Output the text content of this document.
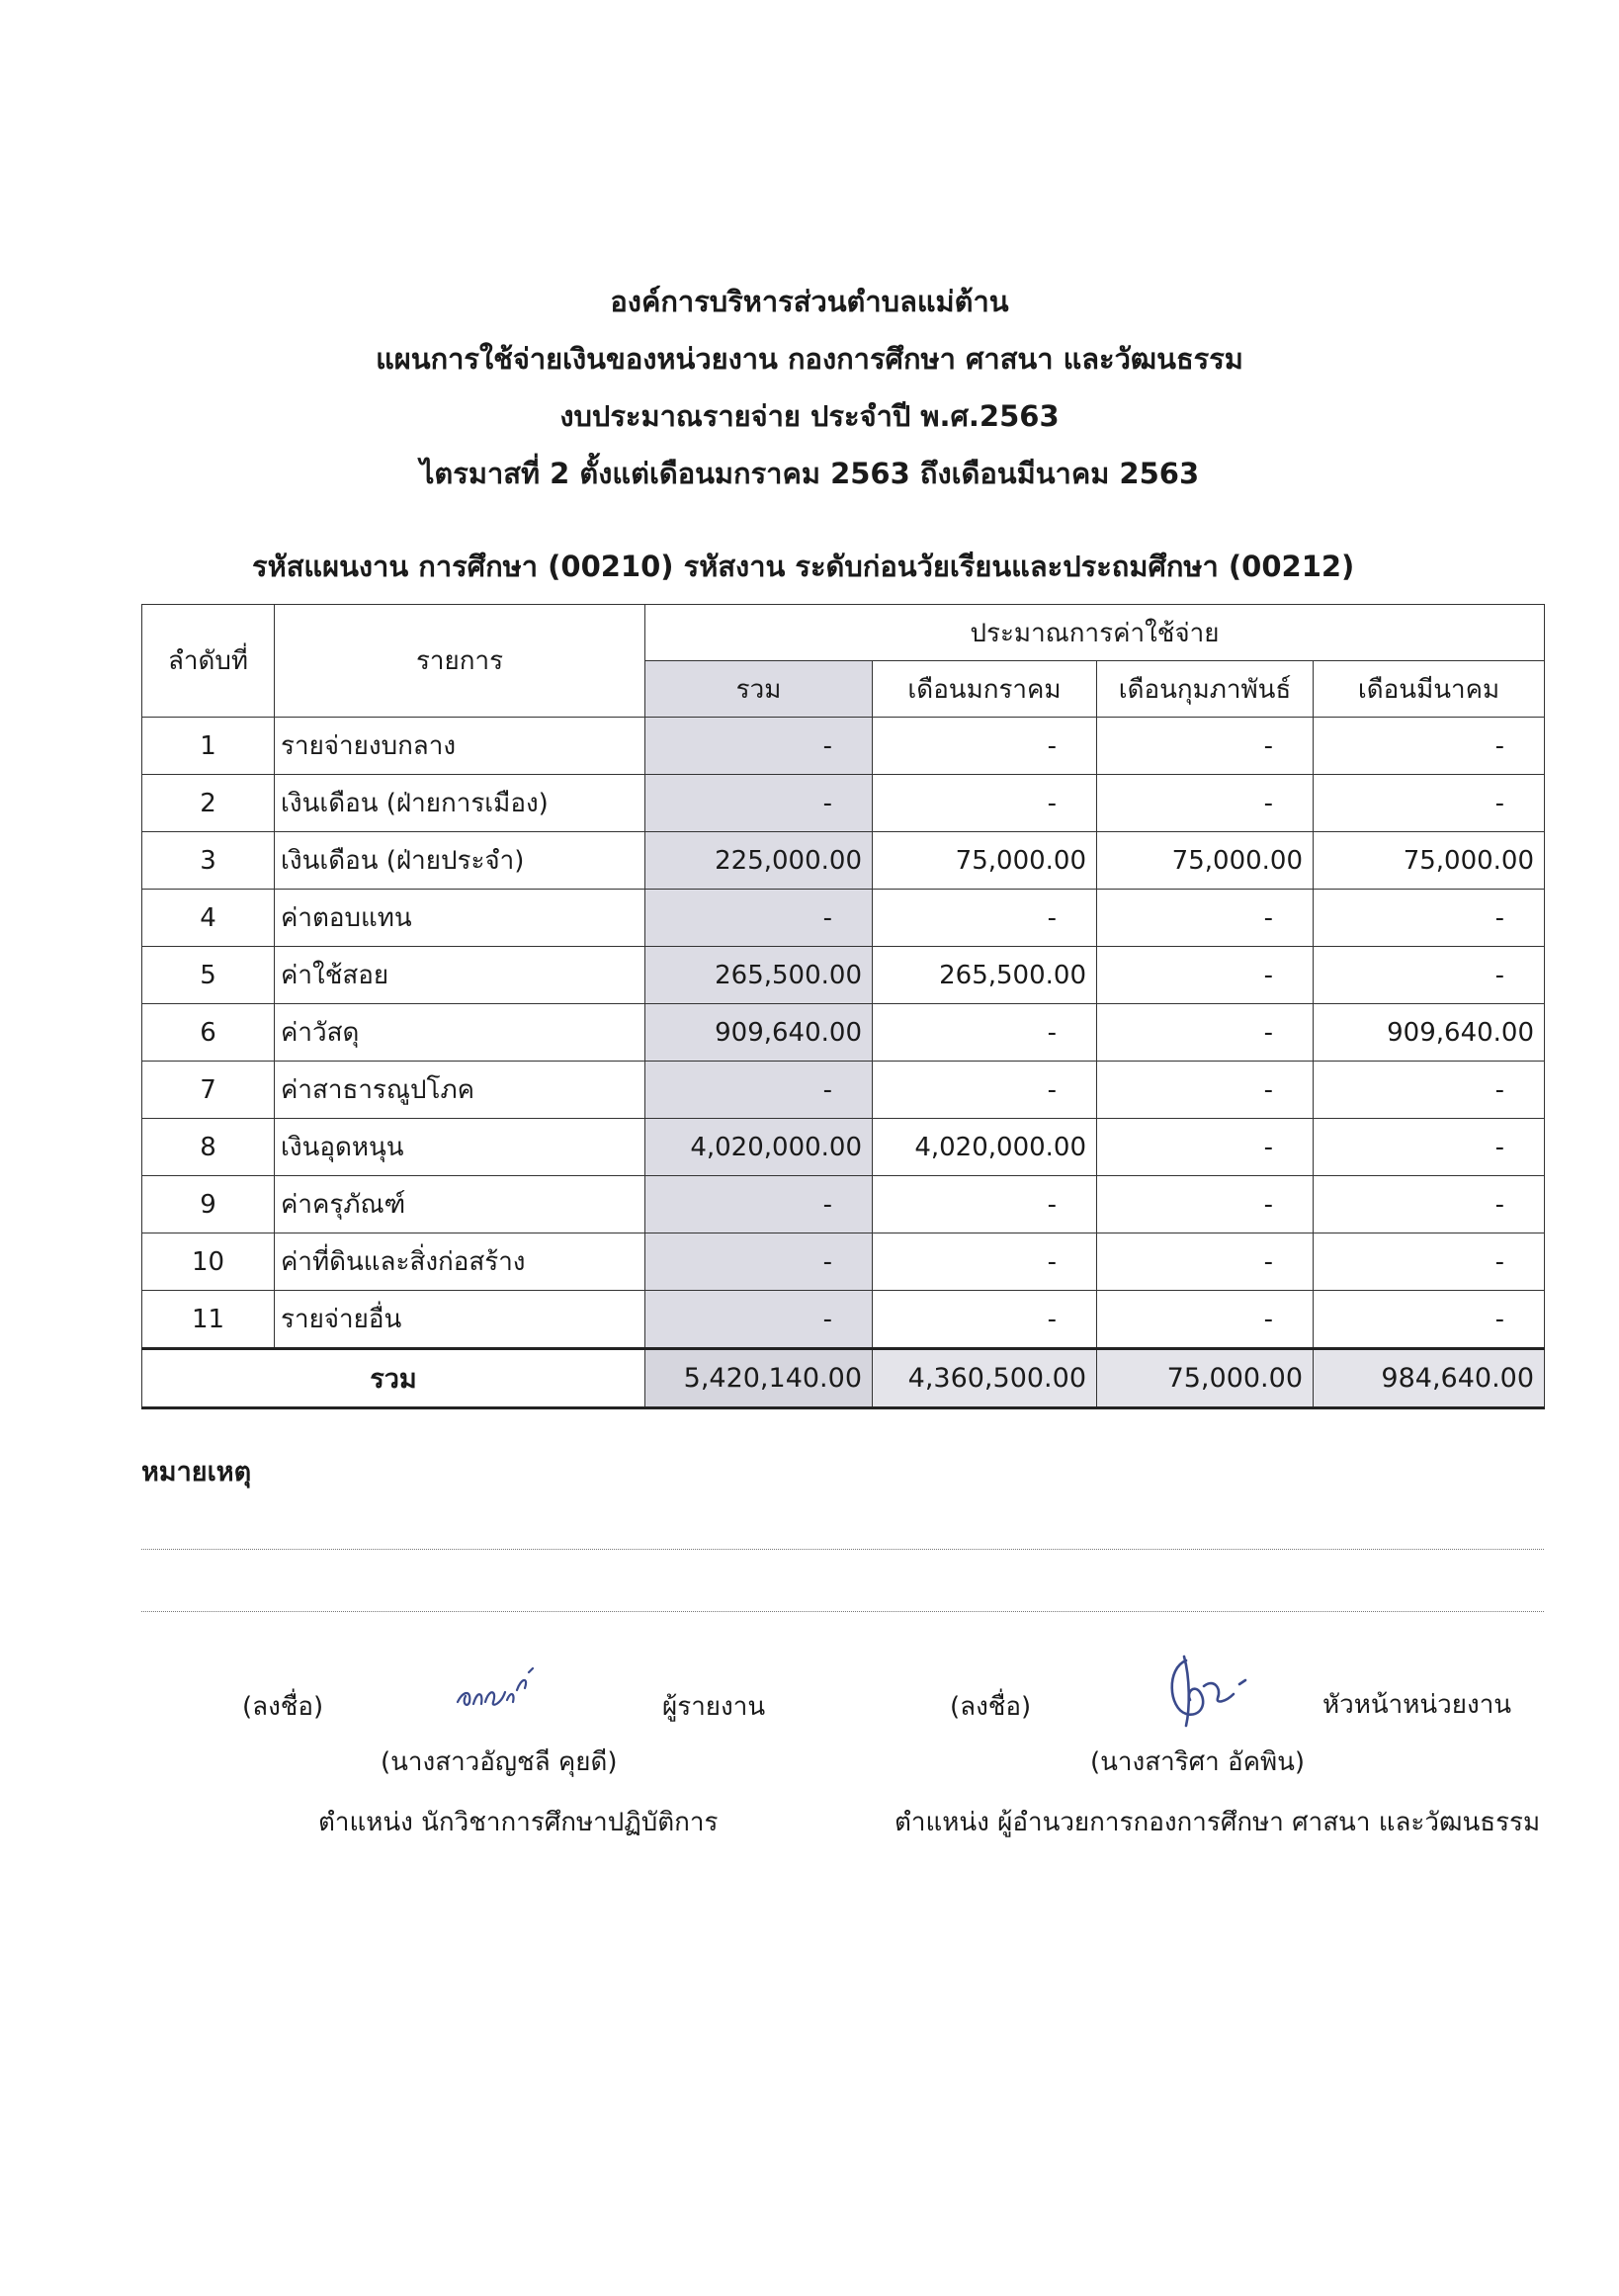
องค์การบริหารส่วนตำบลแม่ต้าน
แผนการใช้จ่ายเงินของหน่วยงาน กองการศึกษา ศาสนา และวัฒนธรรม
งบประมาณรายจ่าย ประจำปี พ.ศ.2563
ไตรมาสที่ 2 ตั้งแต่เดือนมกราคม 2563 ถึงเดือนมีนาคม 2563
รหัสแผนงาน การศึกษา (00210) รหัสงาน ระดับก่อนวัยเรียนและประถมศึกษา (00212)
ลำดับที่	รายการ	ประมาณการค่าใช้จ่าย			
		รวม	เดือนมกราคม	เดือนกุมภาพันธ์	เดือนมีนาคม
1	รายจ่ายงบกลาง	-	-	-	-
2	เงินเดือน (ฝ่ายการเมือง)	-	-	-	-
3	เงินเดือน (ฝ่ายประจำ)	225,000.00	75,000.00	75,000.00	75,000.00
4	ค่าตอบแทน	-	-	-	-
5	ค่าใช้สอย	265,500.00	265,500.00	-	-
6	ค่าวัสดุ	909,640.00	-	-	909,640.00
7	ค่าสาธารณูปโภค	-	-	-	-
8	เงินอุดหนุน	4,020,000.00	4,020,000.00	-	-
9	ค่าครุภัณฑ์	-	-	-	-
10	ค่าที่ดินและสิ่งก่อสร้าง	-	-	-	-
11	รายจ่ายอื่น	-	-	-	-
รวม		5,420,140.00	4,360,500.00	75,000.00	984,640.00
หมายเหตุ
(ลงชื่อ)	ผู้รายงาน
(นางสาวอัญชลี คุยดี)
ตำแหน่ง นักวิชาการศึกษาปฏิบัติการ
(ลงชื่อ)	หัวหน้าหน่วยงาน
(นางสาริศา อัคพิน)
ตำแหน่ง ผู้อำนวยการกองการศึกษา ศาสนา และวัฒนธรรม
